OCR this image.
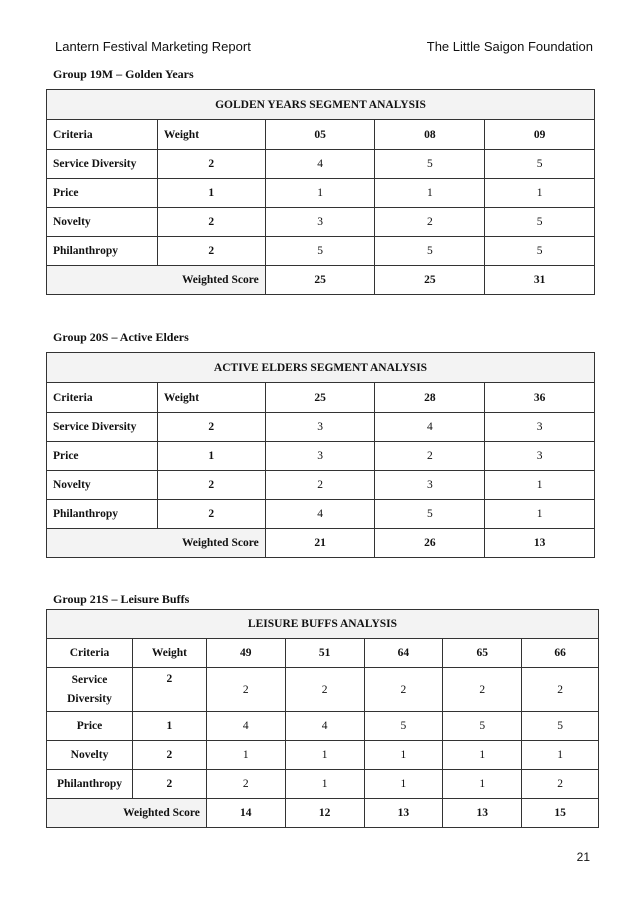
Lantern Festival Marketing Report	The Little Saigon Foundation
Group 19M – Golden Years
GOLDEN YEARS SEGMENT ANALYSIS				
Criteria	Weight	05	08	09
Service Diversity	2	4	5	5
Price	1	1	1	1
Novelty	2	3	2	5
Philanthropy	2	5	5	5
Weighted Score		25	25	31
Group 20S – Active Elders
ACTIVE ELDERS SEGMENT ANALYSIS				
Criteria	Weight	25	28	36
Service Diversity	2	3	4	3
Price	1	3	2	3
Novelty	2	2	3	1
Philanthropy	2	4	5	1
Weighted Score		21	26	13
Group 21S – Leisure Buffs
LEISURE BUFFS ANALYSIS						
Criteria	Weight	49	51	64	65	66
Service Diversity	2	2	2	2	2	2
Price	1	4	4	5	5	5
Novelty	2	1	1	1	1	1
Philanthropy	2	2	1	1	1	2
Weighted Score		14	12	13	13	15
21
